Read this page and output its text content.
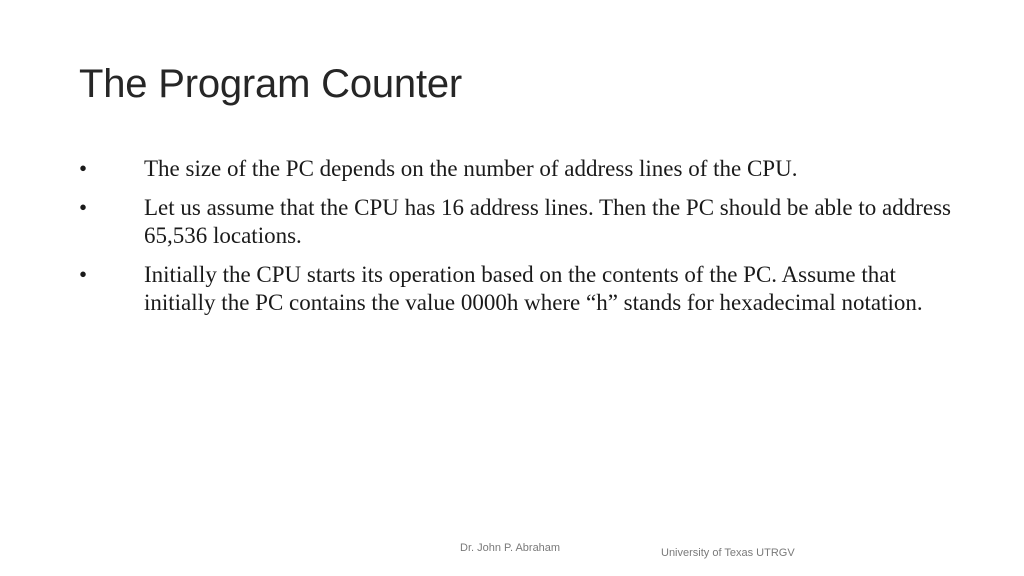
The Program Counter
•	The size of the PC depends on the number of address lines of the CPU.
•	Let us assume that the CPU has 16 address lines. Then the PC should be able to address 65,536 locations.
•	Initially the CPU starts its operation based on the contents of the PC. Assume that initially the PC contains the value 0000h where “h” stands for hexadecimal notation.
Dr. John P. Abraham	University of Texas UTRGV
